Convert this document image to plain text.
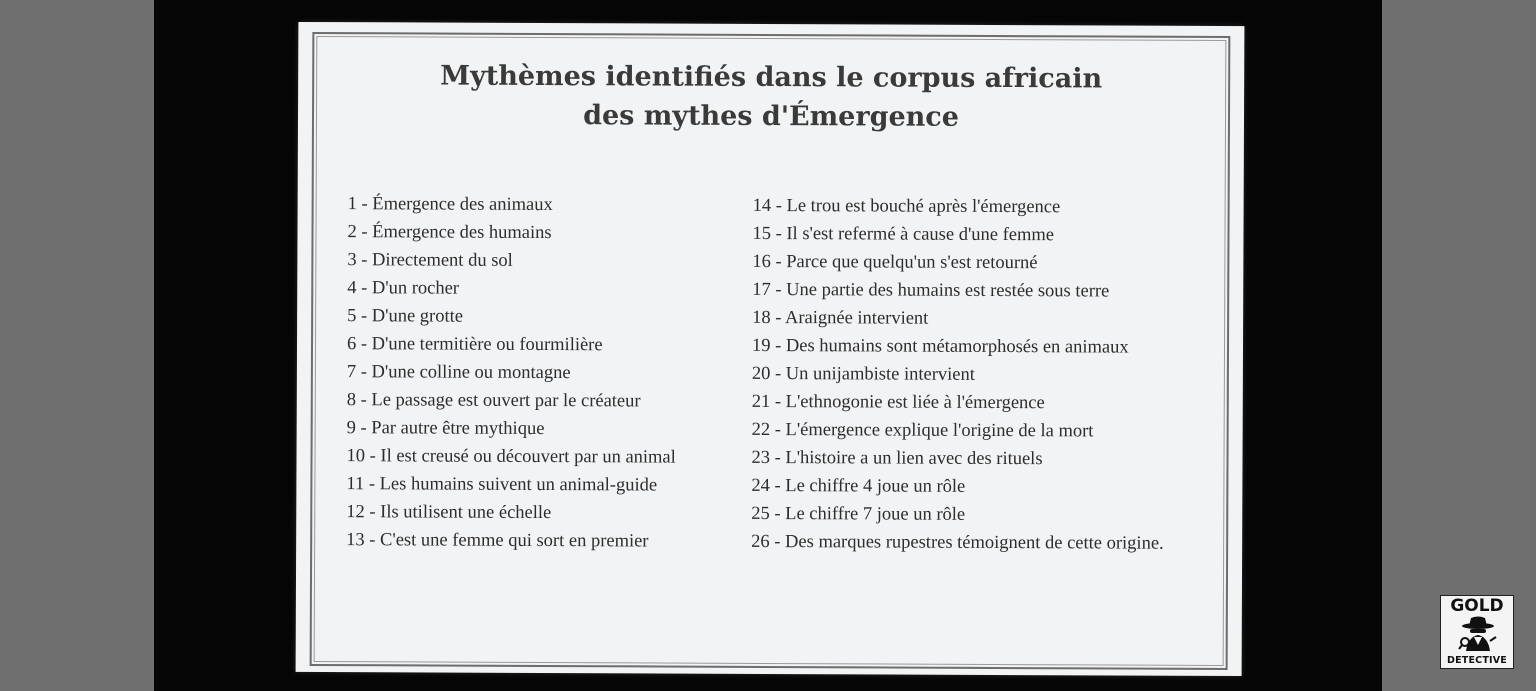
Mythèmes identifiés dans le corpus africain
des mythes d'Émergence
1 - Émergence des animaux
2 - Émergence des humains
3 - Directement du sol
4 - D'un rocher
5 - D'une grotte
6 - D'une termitière ou fourmilière
7 - D'une colline ou montagne
8 - Le passage est ouvert par le créateur
9 - Par autre être mythique
10 - Il est creusé ou découvert par un animal
11 - Les humains suivent un animal-guide
12 - Ils utilisent une échelle
13 - C'est une femme qui sort en premier
14 - Le trou est bouché après l'émergence
15 - Il s'est refermé à cause d'une femme
16 - Parce que quelqu'un s'est retourné
17 - Une partie des humains est restée sous terre
18 - Araignée intervient
19 - Des humains sont métamorphosés en animaux
20 - Un unijambiste intervient
21 - L'ethnogonie est liée à l'émergence
22 - L'émergence explique l'origine de la mort
23 - L'histoire a un lien avec des rituels
24 - Le chiffre 4 joue un rôle
25 - Le chiffre 7 joue un rôle
26 - Des marques rupestres témoignent de cette origine.
GOLD
DETECTIVE
